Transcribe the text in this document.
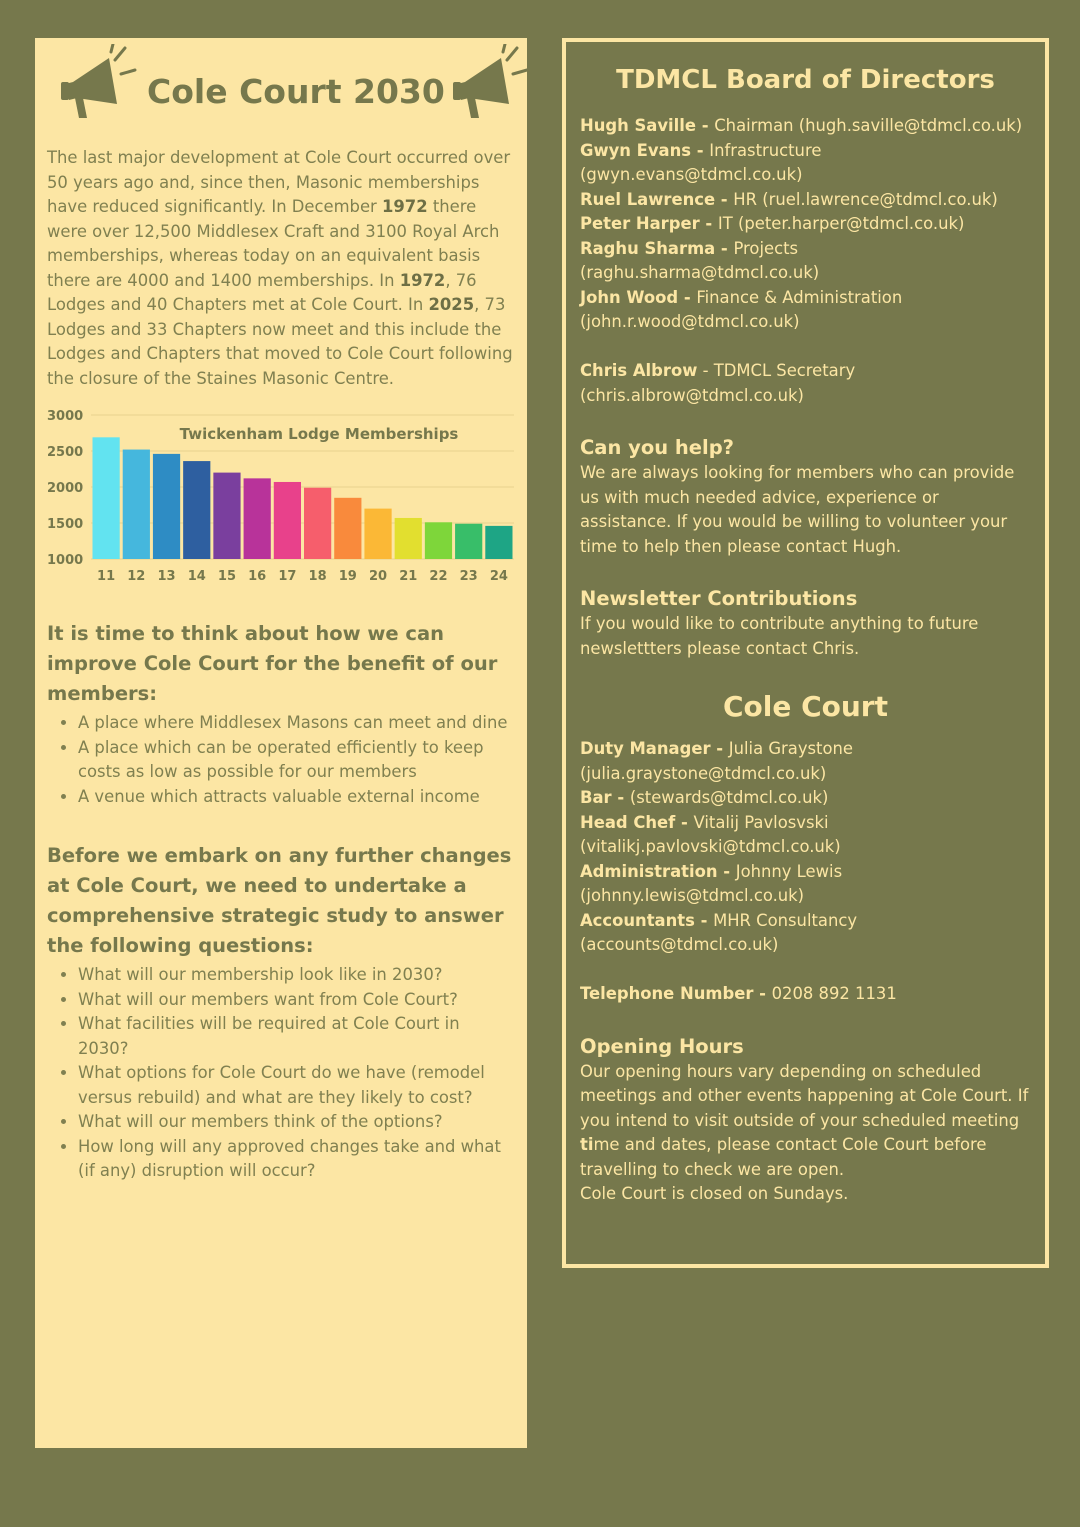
Cole Court 2030

The last major development at Cole Court occurred over 50 years ago and, since then, Masonic memberships have reduced significantly. In December 1972 there were over 12,500 Middlesex Craft and 3100 Royal Arch memberships, whereas today on an equivalent basis there are 4000 and 1400 memberships. In 1972, 76 Lodges and 40 Chapters met at Cole Court. In 2025, 73 Lodges and 33 Chapters now meet and this include the Lodges and Chapters that moved to Cole Court following the closure of the Staines Masonic Centre.

1000
1500
2000
2500
3000
11 12 13 14 15 16 17 18 19 20 21 22 23 24
Twickenham Lodge Memberships
It is time to think about how we can improve Cole Court for the benefit of our members:
• A place where Middlesex Masons can meet and dine
• A place which can be operated efficiently to keep costs as low as possible for our members
• A venue which attracts valuable external income
Before we embark on any further changes at Cole Court, we need to undertake a comprehensive strategic study to answer the following questions:
• What will our membership look like in 2030?
• What will our members want from Cole Court?
• What facilities will be required at Cole Court in 2030?
• What options for Cole Court do we have (remodel versus rebuild) and what are they likely to cost?
• What will our members think of the options?
• How long will any approved changes take and what (if any) disruption will occur?
TDMCL Board of Directors

Hugh Saville - Chairman (hugh.saville@tdmcl.co.uk)

Gwyn Evans - Infrastructure (gwyn.evans@tdmcl.co.uk)

Ruel Lawrence - HR (ruel.lawrence@tdmcl.co.uk)

Peter Harper - IT (peter.harper@tdmcl.co.uk)

Raghu Sharma - Projects (raghu.sharma@tdmcl.co.uk)

John Wood - Finance & Administration (john.r.wood@tdmcl.co.uk)

Chris Albrow - TDMCL Secretary (chris.albrow@tdmcl.co.uk)

Can you help?

We are always looking for members who can provide us with much needed advice, experience or assistance. If you would be willing to volunteer your time to help then please contact Hugh.

Newsletter Contributions

If you would like to contribute anything to future newslettters please contact Chris.

Cole Court

Duty Manager - Julia Graystone (julia.graystone@tdmcl.co.uk)

Bar - (stewards@tdmcl.co.uk)

Head Chef - Vitalij Pavlosvski (vitalikj.pavlovski@tdmcl.co.uk)

Administration - Johnny Lewis (johnny.lewis@tdmcl.co.uk)

Accountants - MHR Consultancy (accounts@tdmcl.co.uk)

Telephone Number - 0208 892 1131

Opening Hours

Our opening hours vary depending on scheduled meetings and other events happening at Cole Court. If you intend to visit outside of your scheduled meeting time and dates, please contact Cole Court before travelling to check we are open.

Cole Court is closed on Sundays.
